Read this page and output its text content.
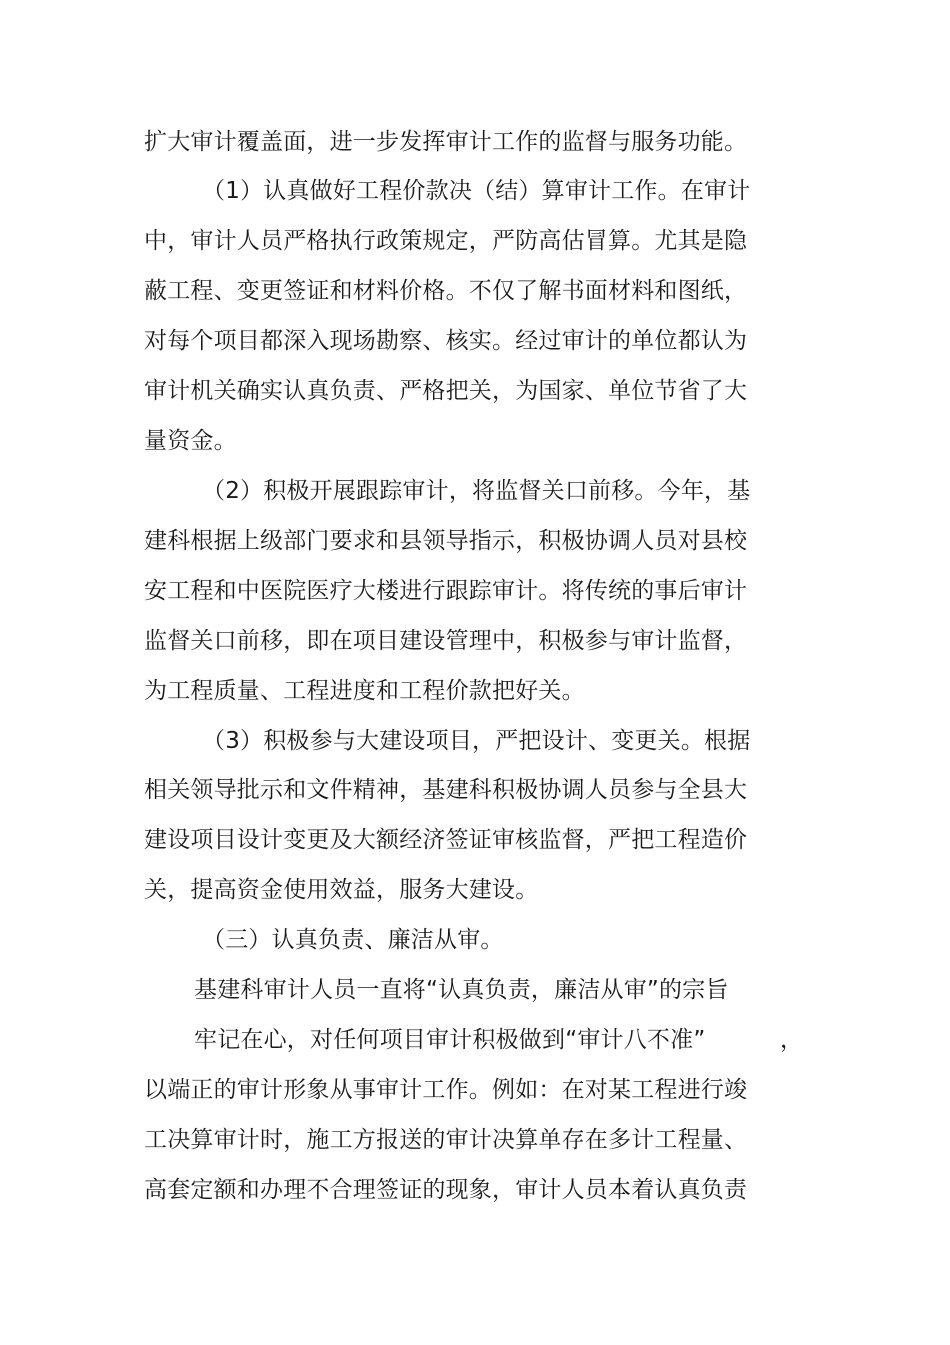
扩大审计覆盖面，进一步发挥审计工作的监督与服务功能。
（1）认真做好工程价款决（结）算审计工作。在审计
中，审计人员严格执行政策规定，严防高估冒算。尤其是隐
蔽工程、变更签证和材料价格。不仅了解书面材料和图纸，
对每个项目都深入现场勘察、核实。经过审计的单位都认为
审计机关确实认真负责、严格把关，为国家、单位节省了大
量资金。
（2）积极开展跟踪审计，将监督关口前移。今年，基
建科根据上级部门要求和县领导指示，积极协调人员对县校
安工程和中医院医疗大楼进行跟踪审计。将传统的事后审计
监督关口前移，即在项目建设管理中，积极参与审计监督，
为工程质量、工程进度和工程价款把好关。
（3）积极参与大建设项目，严把设计、变更关。根据
相关领导批示和文件精神，基建科积极协调人员参与全县大
建设项目设计变更及大额经济签证审核监督，严把工程造价
关，提高资金使用效益，服务大建设。
（三）认真负责、廉洁从审。
基建科审计人员一直将“认真负责，廉洁从审”的宗旨
牢记在心，对任何项目审计积极做到“审计八不准”	，
以端正的审计形象从事审计工作。例如：在对某工程进行竣
工决算审计时，施工方报送的审计决算单存在多计工程量、
高套定额和办理不合理签证的现象，审计人员本着认真负责
